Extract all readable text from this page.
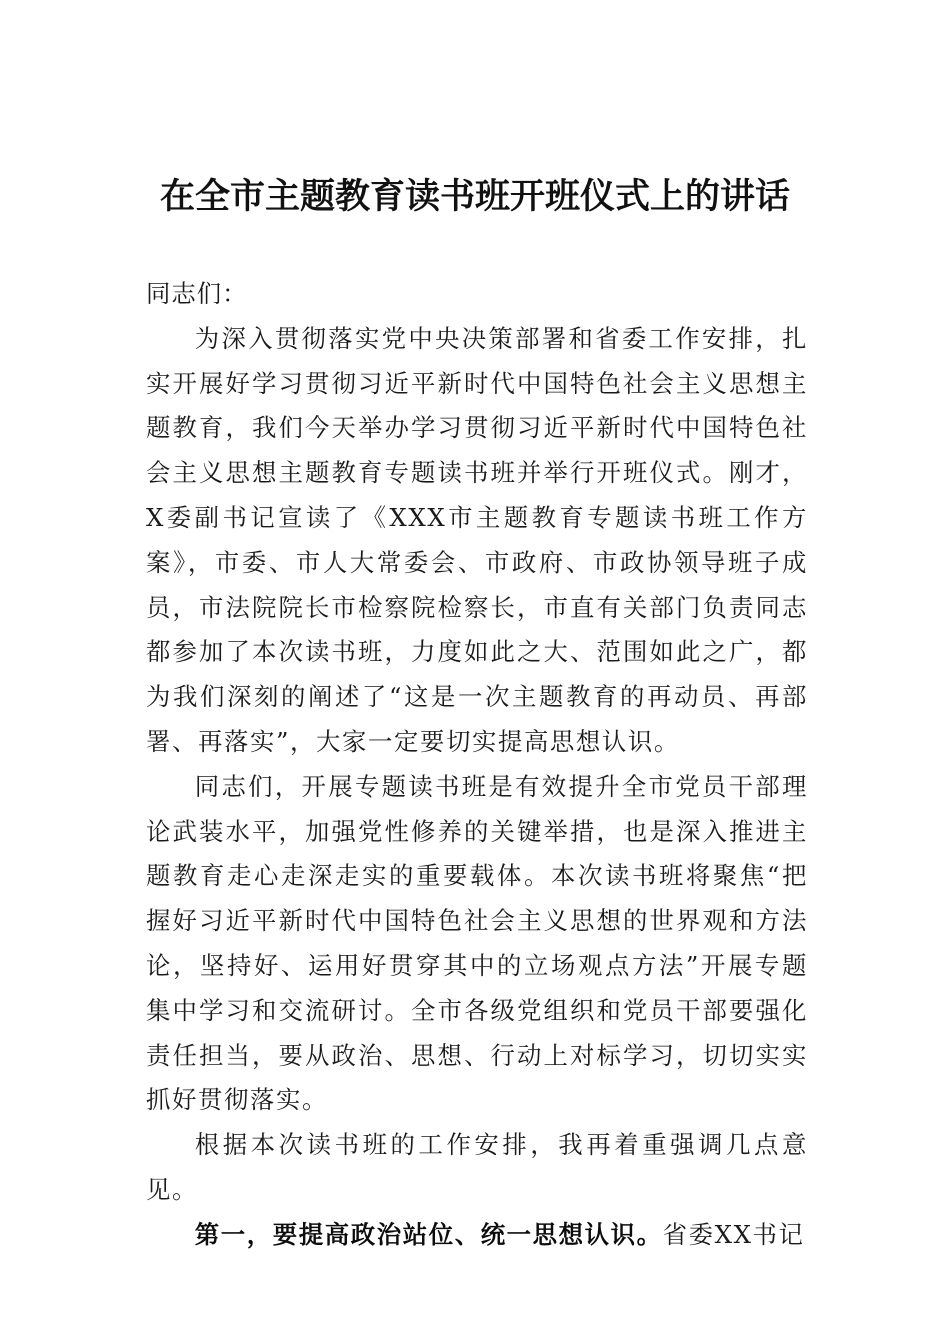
在全市主题教育读书班开班仪式上的讲话

同志们：

为深入贯彻落实党中央决策部署和省委工作安排，扎实开展好学习贯彻习近平新时代中国特色社会主义思想主题教育，我们今天举办学习贯彻习近平新时代中国特色社会主义思想主题教育专题读书班并举行开班仪式。刚才，X委副书记宣读了《XXX市主题教育专题读书班工作方案》，市委、市人大常委会、市政府、市政协领导班子成员，市法院院长市检察院检察长，市直有关部门负责同志都参加了本次读书班，力度如此之大、范围如此之广，都为我们深刻的阐述了“这是一次主题教育的再动员、再部署、再落实”，大家一定要切实提高思想认识。

同志们，开展专题读书班是有效提升全市党员干部理论武装水平，加强党性修养的关键举措，也是深入推进主题教育走心走深走实的重要载体。本次读书班将聚焦“把握好习近平新时代中国特色社会主义思想的世界观和方法论，坚持好、运用好贯穿其中的立场观点方法”开展专题集中学习和交流研讨。全市各级党组织和党员干部要强化责任担当，要从政治、思想、行动上对标学习，切切实实抓好贯彻落实。

根据本次读书班的工作安排，我再着重强调几点意见。

第一，要提高政治站位、统一思想认识。省委XX书记
